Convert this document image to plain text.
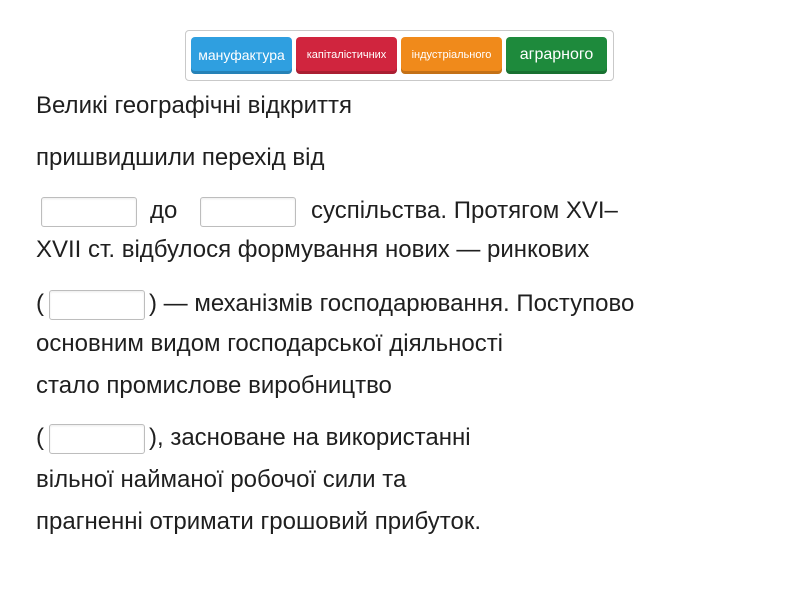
мануфактура	капіталістичних	індустріального	аграрного
Великі географічні відкриття
пришвидшили перехід від
до	суспільства. Протягом XVI–
XVII ст. відбулося формування нових — ринкових
(	) — механізмів господарювання. Поступово
основним видом господарської діяльності
стало промислове виробництво
(	), засноване на використанні
вільної найманої робочої сили та
прагненні отримати грошовий прибуток.
